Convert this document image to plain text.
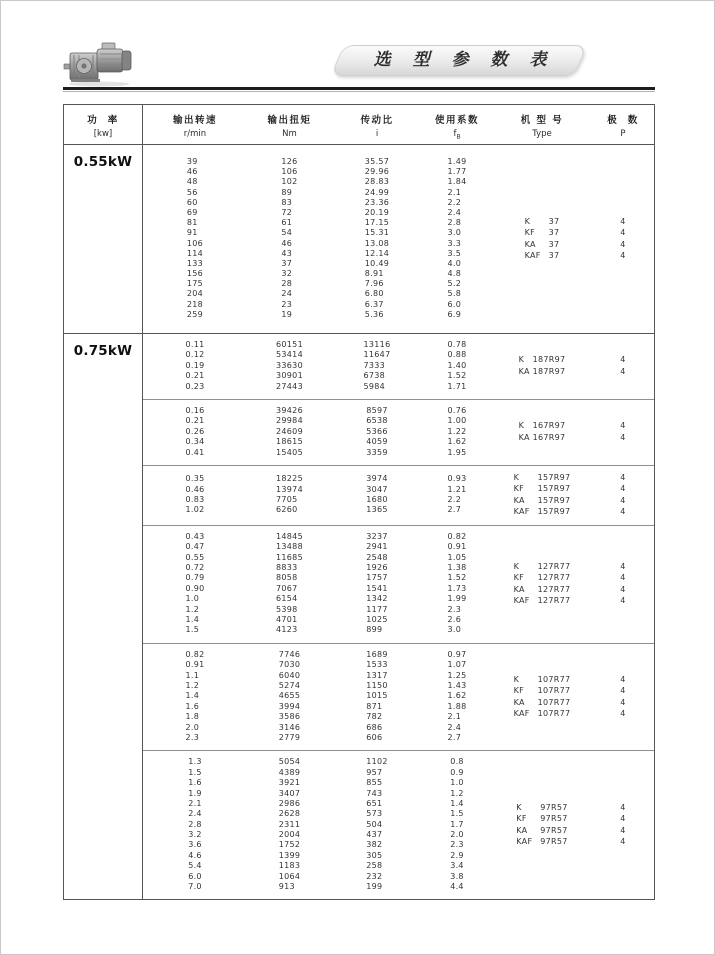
选 型 参 数 表
功  率
[kw]
输出转速
r/min
输出扭矩
Nm
传动比
i
使用系数
$f_B$
机 型 号
Type
极  数
P
0.55kW	39
46
48
56
60
69
81
91
106
114
133
156
175
204
218
259
126
106
102
89
83
72
61
54
46
43
37
32
28
24
23
19
35.57
29.96
28.83
24.99
23.36
20.19
17.15
15.31
13.08
12.14
10.49
8.91
7.96
6.80
6.37
5.36
1.49
1.77
1.84
2.1
2.2
2.4
2.8
3.0
3.3
3.5
4.0
4.8
5.2
5.8
6.0
6.9
K 37
KF 37
KA 37
KAF 37
4
4
4
4
0.75kW	0.11
0.12
0.19
0.21
0.23
60151
53414
33630
30901
27443
13116
11647
7333
6738
5984
0.78
0.88
1.40
1.52
1.71
K 187R97
KA 187R97
4
4
0.16
0.21
0.26
0.34
0.41
39426
29984
24609
18615
15405
8597
6538
5366
4059
3359
0.76
1.00
1.22
1.62
1.95
K 167R97
KA 167R97
4
4
0.35
0.46
0.83
1.02
18225
13974
7705
6260
3974
3047
1680
1365
0.93
1.21
2.2
2.7
K 157R97
KF 157R97
KA 157R97
KAF 157R97
4
4
4
4
0.43
0.47
0.55
0.72
0.79
0.90
1.0
1.2
1.4
1.5
14845
13488
11685
8833
8058
7067
6154
5398
4701
4123
3237
2941
2548
1926
1757
1541
1342
1177
1025
899
0.82
0.91
1.05
1.38
1.52
1.73
1.99
2.3
2.6
3.0
K 127R77
KF 127R77
KA 127R77
KAF 127R77
4
4
4
4
0.82
0.91
1.1
1.2
1.4
1.6
1.8
2.0
2.3
7746
7030
6040
5274
4655
3994
3586
3146
2779
1689
1533
1317
1150
1015
871
782
686
606
0.97
1.07
1.25
1.43
1.62
1.88
2.1
2.4
2.7
K 107R77
KF 107R77
KA 107R77
KAF 107R77
4
4
4
4
1.3
1.5
1.6
1.9
2.1
2.4
2.8
3.2
3.6
4.6
5.4
6.0
7.0
5054
4389
3921
3407
2986
2628
2311
2004
1752
1399
1183
1064
913
1102
957
855
743
651
573
504
437
382
305
258
232
199
0.8
0.9
1.0
1.2
1.4
1.5
1.7
2.0
2.3
2.9
3.4
3.8
4.4
K 97R57
KF 97R57
KA 97R57
KAF 97R57
4
4
4
4
